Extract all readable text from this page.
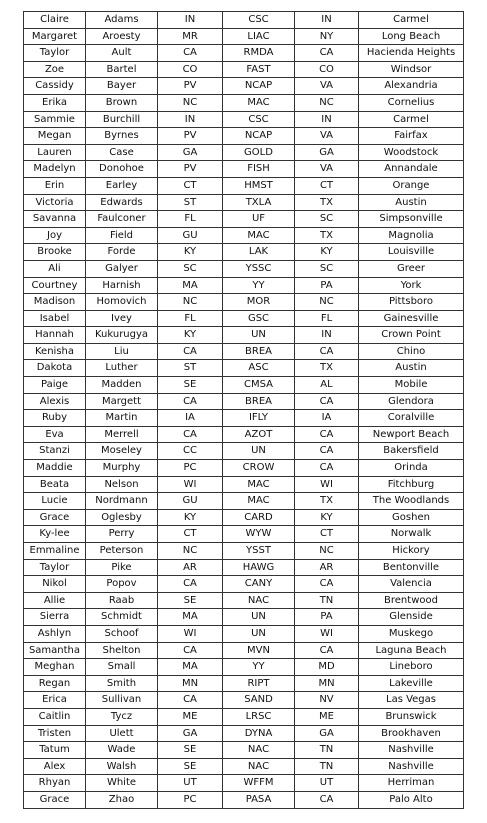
Claire	Adams	IN	CSC	IN	Carmel
Margaret	Aroesty	MR	LIAC	NY	Long Beach
Taylor	Ault	CA	RMDA	CA	Hacienda Heights
Zoe	Bartel	CO	FAST	CO	Windsor
Cassidy	Bayer	PV	NCAP	VA	Alexandria
Erika	Brown	NC	MAC	NC	Cornelius
Sammie	Burchill	IN	CSC	IN	Carmel
Megan	Byrnes	PV	NCAP	VA	Fairfax
Lauren	Case	GA	GOLD	GA	Woodstock
Madelyn	Donohoe	PV	FISH	VA	Annandale
Erin	Earley	CT	HMST	CT	Orange
Victoria	Edwards	ST	TXLA	TX	Austin
Savanna	Faulconer	FL	UF	SC	Simpsonville
Joy	Field	GU	MAC	TX	Magnolia
Brooke	Forde	KY	LAK	KY	Louisville
Ali	Galyer	SC	YSSC	SC	Greer
Courtney	Harnish	MA	YY	PA	York
Madison	Homovich	NC	MOR	NC	Pittsboro
Isabel	Ivey	FL	GSC	FL	Gainesville
Hannah	Kukurugya	KY	UN	IN	Crown Point
Kenisha	Liu	CA	BREA	CA	Chino
Dakota	Luther	ST	ASC	TX	Austin
Paige	Madden	SE	CMSA	AL	Mobile
Alexis	Margett	CA	BREA	CA	Glendora
Ruby	Martin	IA	IFLY	IA	Coralville
Eva	Merrell	CA	AZOT	CA	Newport Beach
Stanzi	Moseley	CC	UN	CA	Bakersfield
Maddie	Murphy	PC	CROW	CA	Orinda
Beata	Nelson	WI	MAC	WI	Fitchburg
Lucie	Nordmann	GU	MAC	TX	The Woodlands
Grace	Oglesby	KY	CARD	KY	Goshen
Ky-lee	Perry	CT	WYW	CT	Norwalk
Emmaline	Peterson	NC	YSST	NC	Hickory
Taylor	Pike	AR	HAWG	AR	Bentonville
Nikol	Popov	CA	CANY	CA	Valencia
Allie	Raab	SE	NAC	TN	Brentwood
Sierra	Schmidt	MA	UN	PA	Glenside
Ashlyn	Schoof	WI	UN	WI	Muskego
Samantha	Shelton	CA	MVN	CA	Laguna Beach
Meghan	Small	MA	YY	MD	Lineboro
Regan	Smith	MN	RIPT	MN	Lakeville
Erica	Sullivan	CA	SAND	NV	Las Vegas
Caitlin	Tycz	ME	LRSC	ME	Brunswick
Tristen	Ulett	GA	DYNA	GA	Brookhaven
Tatum	Wade	SE	NAC	TN	Nashville
Alex	Walsh	SE	NAC	TN	Nashville
Rhyan	White	UT	WFFM	UT	Herriman
Grace	Zhao	PC	PASA	CA	Palo Alto
